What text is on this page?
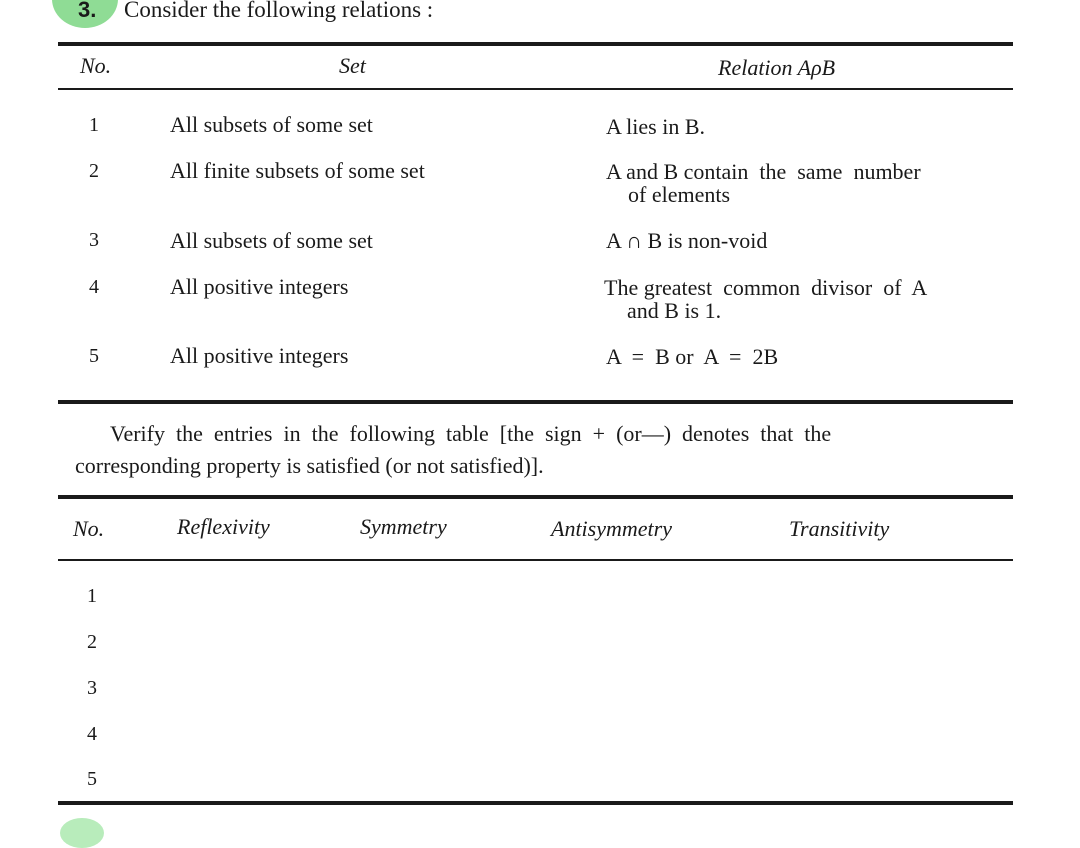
3. Consider the following relations :
No.	Set	Relation AρB
1	All subsets of some set	A lies in B.
2	All finite subsets of some set	A and B contain  the  same  number
of elements
3	All subsets of some set	A ∩ B is non-void
4	All positive integers	The greatest  common  divisor  of  A
and B is 1.
5	All positive integers	A  =  B or  A  =  2B
Verify  the  entries  in  the  following  table  [the  sign  +  (or—)  denotes  that  the
corresponding property is satisfied (or not satisfied)].
No.	Reflexivity	Symmetry	Antisymmetry	Transitivity
1
2
3
4
5
